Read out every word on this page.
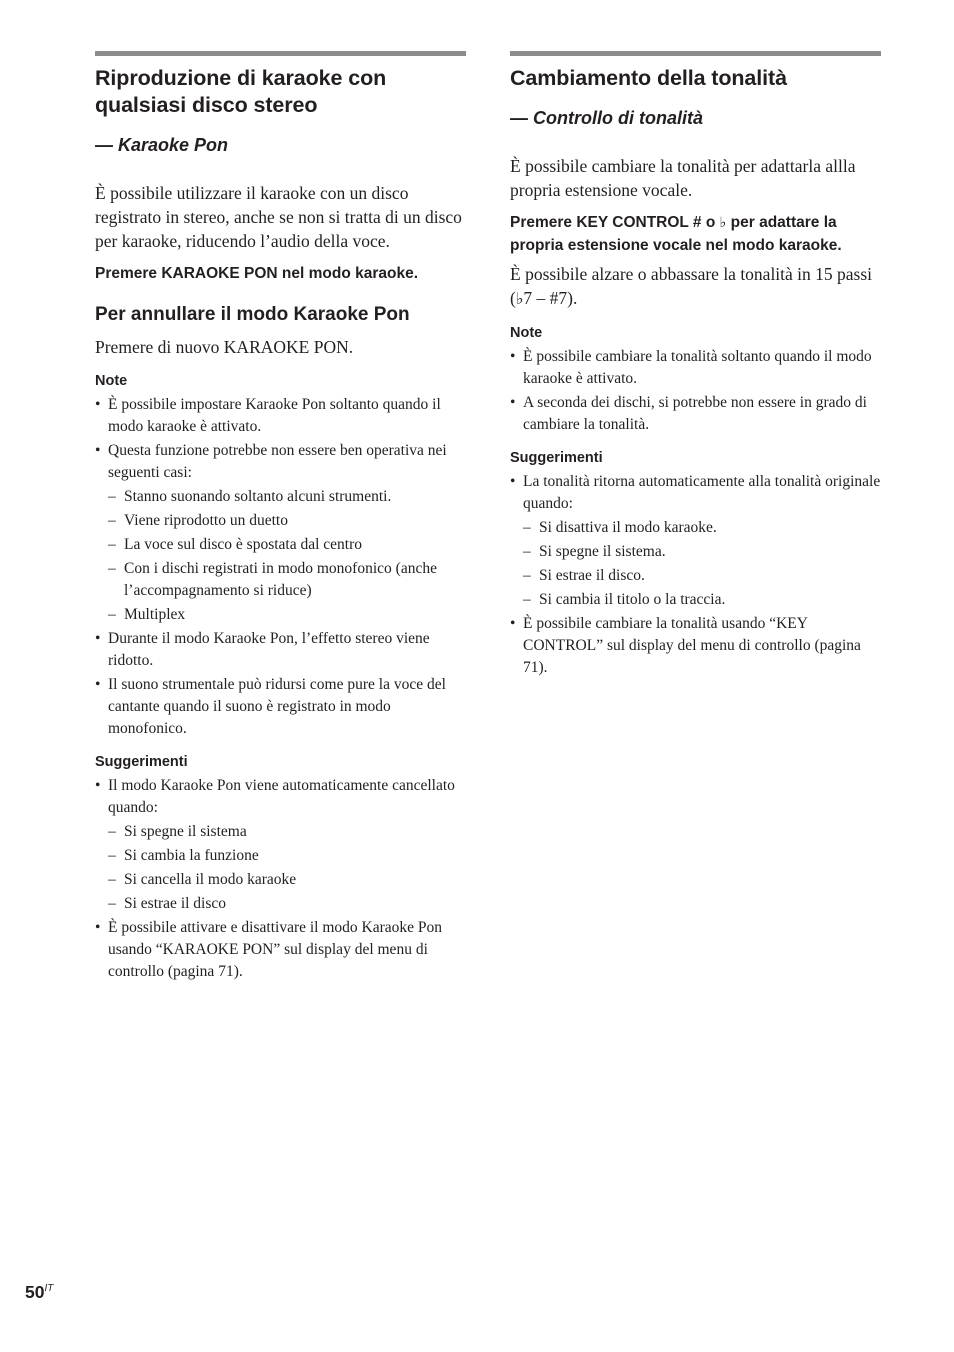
Riproduzione di karaoke con qualsiasi disco stereo
— Karaoke Pon

È possibile utilizzare il karaoke con un disco registrato in stereo, anche se non si tratta di un disco per karaoke, riducendo l’audio della voce.

Premere KARAOKE PON nel modo karaoke.

Per annullare il modo Karaoke Pon

Premere di nuovo KARAOKE PON.

Note
• È possibile impostare Karaoke Pon soltanto quando il modo karaoke è attivato.
• Questa funzione potrebbe non essere ben operativa nei seguenti casi:
– Stanno suonando soltanto alcuni strumenti.
– Viene riprodotto un duetto
– La voce sul disco è spostata dal centro
– Con i dischi registrati in modo monofonico (anche l’accompagnamento si riduce)
– Multiplex
• Durante il modo Karaoke Pon, l’effetto stereo viene ridotto.
• Il suono strumentale può ridursi come pure la voce del cantante quando il suono è registrato in modo monofonico.
Suggerimenti
• Il modo Karaoke Pon viene automaticamente cancellato quando:
– Si spegne il sistema
– Si cambia la funzione
– Si cancella il modo karaoke
– Si estrae il disco
• È possibile attivare e disattivare il modo Karaoke Pon usando “KARAOKE PON” sul display del menu di controllo (pagina 71).
Cambiamento della tonalità
— Controllo di tonalità

È possibile cambiare la tonalità per adattarla allla propria estensione vocale.

Premere KEY CONTROL # o ♭ per adattare la propria estensione vocale nel modo karaoke.

È possibile alzare o abbassare la tonalità in 15 passi (♭7 – #7).

Note
• È possibile cambiare la tonalità soltanto quando il modo karaoke è attivato.
• A seconda dei dischi, si potrebbe non essere in grado di cambiare la tonalità.
Suggerimenti
• La tonalità ritorna automaticamente alla tonalità originale quando:
– Si disattiva il modo karaoke.
– Si spegne il sistema.
– Si estrae il disco.
– Si cambia il titolo o la traccia.
• È possibile cambiare la tonalità usando “KEY CONTROL” sul display del menu di controllo (pagina 71).
$50^{IT}$
